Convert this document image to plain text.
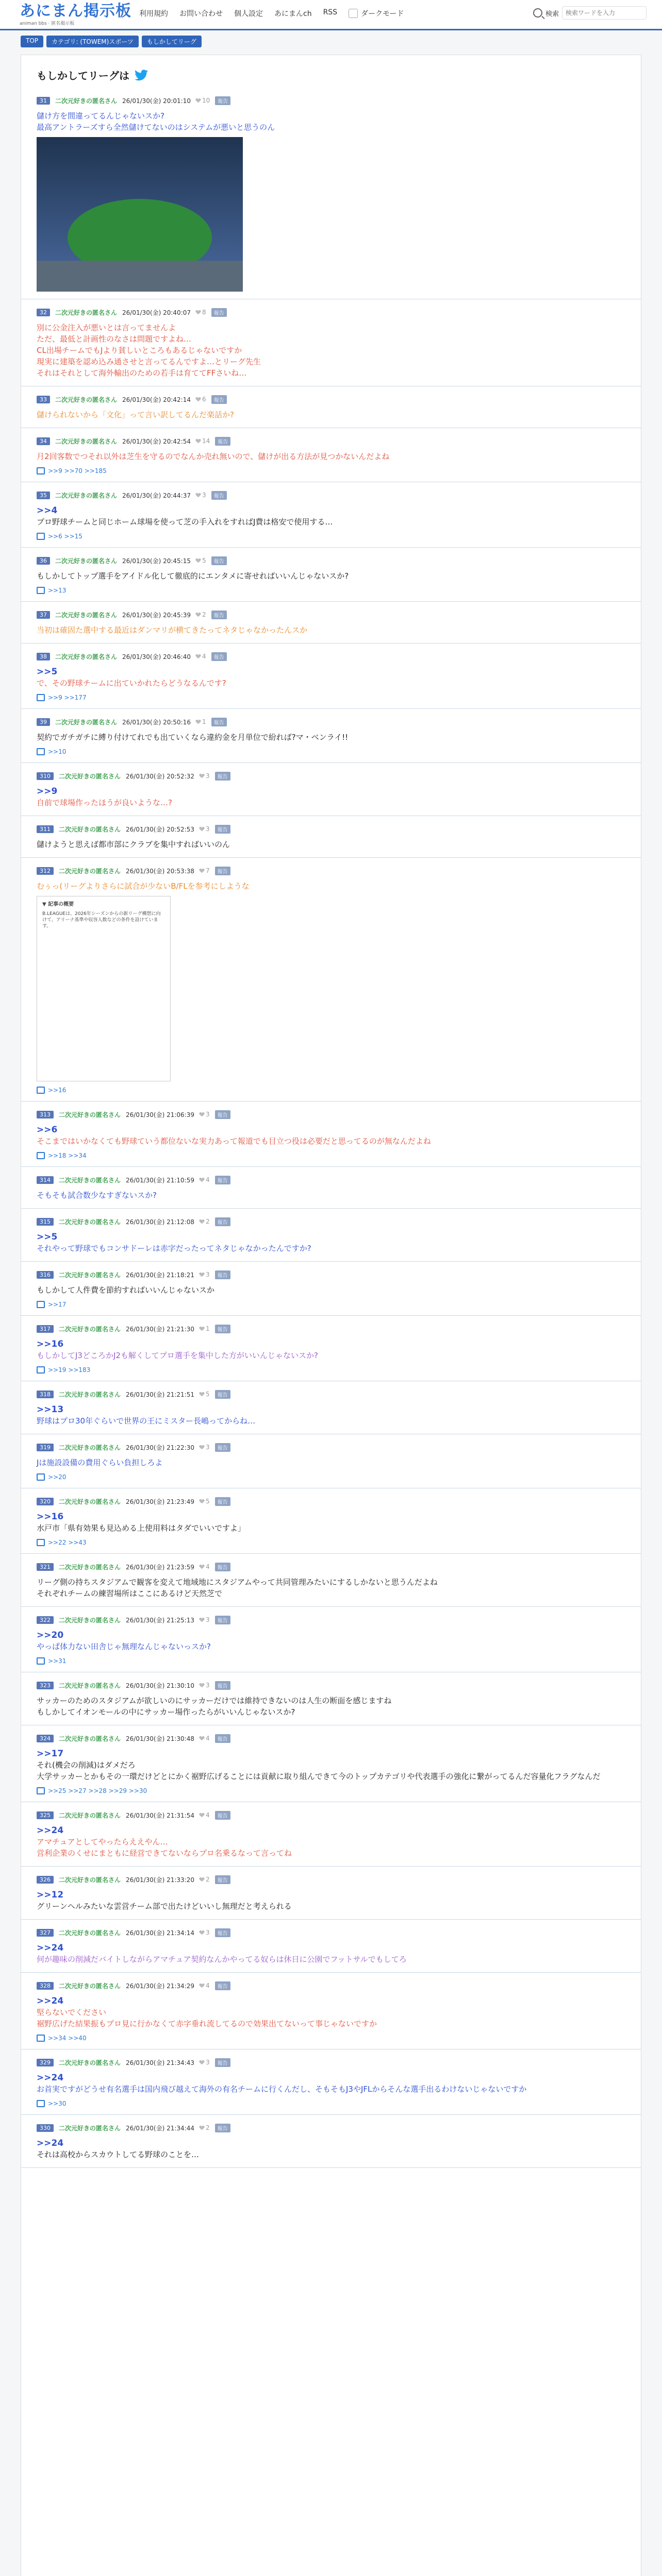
あにまん掲示板
animan bbs · 匿名掲示板
利用規約 お問い合わせ 個人設定 あにまんch RSS	ダークモード	検索
検索ワードを入力
TOP	カテゴリ: (TOWEM)スポーツ	もしかしてリーグ
もしかしてリーグは
31	二次元好きの匿名さん 26/01/30(金) 20:01:10 10	報告
儲け方を間違ってるんじゃないスか?
最高アントラーズすら全然儲けてないのはシステムが悪いと思うのん
32	二次元好きの匿名さん 26/01/30(金) 20:40:07 8	報告
別に公金注入が悪いとは言ってませんよ
ただ、最低と計画性のなさは問題ですよね…
CL出場チームでもJより貧しいところもあるじゃないですか
現実に建築を認め込み通させと言ってるんですよ…とリーグ先生
それはそれとして海外輸出のための若手は育ててFFさいね…
33	二次元好きの匿名さん 26/01/30(金) 20:42:14 6	報告
儲けられないから「文化」って言い訳してるんだ楽話か?
34	二次元好きの匿名さん 26/01/30(金) 20:42:54 14	報告
月2回客数でつそれ以外は芝生を守るのでなんか売れ無いので、儲けが出る方法が見つかないんだよね
>>9 >>70 >>185
35	二次元好きの匿名さん 26/01/30(金) 20:44:37 3	報告
>>4
プロ野球チームと同じホーム球場を使って芝の手入れをすればJ費は格安で使用する…
>>6 >>15
36	二次元好きの匿名さん 26/01/30(金) 20:45:15 5	報告
もしかしてトップ選手をアイドル化して徹底的にエンタメに寄せればいいんじゃないスか?
>>13
37	二次元好きの匿名さん 26/01/30(金) 20:45:39 2	報告
当初は確固た選中する最近はダンマリが横てきたってネタじゃなかったんスか
38	二次元好きの匿名さん 26/01/30(金) 20:46:40 4	報告
>>5
で、その野球チームに出ていかれたらどうなるんです?
>>9 >>177
39	二次元好きの匿名さん 26/01/30(金) 20:50:16 1	報告
契約でガチガチに縛り付けてれでも出ていくなら違約金を月単位で紛れば?マ・ベンライ!!
>>10
310	二次元好きの匿名さん 26/01/30(金) 20:52:32 3	報告
>>9
自前で球場作ったほうが良いような…?
311	二次元好きの匿名さん 26/01/30(金) 20:52:53 3	報告
儲けようと思えば都市部にクラブを集中すればいいのん
312	二次元好きの匿名さん 26/01/30(金) 20:53:38 7	報告
むぅっ(リーグよりさらに試合が少ないB/FLを参考にしような
▼ 記事の概要
B.LEAGUEは、2026年シーズンからの新リーグ構想に向けて、アリーナ基準や収容人数などの条件を設けています。
>>16
313	二次元好きの匿名さん 26/01/30(金) 21:06:39 3	報告
>>6
そこまではいかなくても野球ていう都位ないな実力あって報道でも目立つ役は必要だと思ってるのが無なんだよね
>>18 >>34
314	二次元好きの匿名さん 26/01/30(金) 21:10:59 4	報告
そもそも試合数少なすぎないスか?
315	二次元好きの匿名さん 26/01/30(金) 21:12:08 2	報告
>>5
それやって野球でもコンサドーレは赤字だったってネタじゃなかったんですか?
316	二次元好きの匿名さん 26/01/30(金) 21:18:21 3	報告
もしかして人件費を節約すればいいんじゃないスか
>>17
317	二次元好きの匿名さん 26/01/30(金) 21:21:30 1	報告
>>16
もしかしてJ3どころかJ2も解くしてプロ選手を集中した方がいいんじゃないスか?
>>19 >>183
318	二次元好きの匿名さん 26/01/30(金) 21:21:51 5	報告
>>13
野球はプロ30年ぐらいで世界の王にミスター長嶋ってからね…
319	二次元好きの匿名さん 26/01/30(金) 21:22:30 3	報告
Jは施設設備の費用ぐらい負担しろよ
>>20
320	二次元好きの匿名さん 26/01/30(金) 21:23:49 5	報告
>>16
水戸市「県有効果も見込める上使用料はタダでいいですよ」
>>22 >>43
321	二次元好きの匿名さん 26/01/30(金) 21:23:59 4	報告
リーグ側の持ちスタジアムで観客を変えて地域地にスタジアムやって共同管理みたいにするしかないと思うんだよね
それぞれチームの練習場所はここにあるけど天然芝で
322	二次元好きの匿名さん 26/01/30(金) 21:25:13 3	報告
>>20
やっぱ体力ない田舎じゃ無理なんじゃないっスか?
>>31
323	二次元好きの匿名さん 26/01/30(金) 21:30:10 3	報告
サッカーのためのスタジアムが欲しいのにサッカーだけでは維持できないのは人生の断面を感じますね
もしかしてイオンモールの中にサッカー場作ったらがいいんじゃないスか?
324	二次元好きの匿名さん 26/01/30(金) 21:30:48 4	報告
>>17
それ(機会の削減)はダメだろ
大学サッカーとかもその一環だけどとにかく裾野広げることには貢献に取り組んできて今のトップカテゴリや代表選手の強化に繋がってるんだ容量化フラグなんだ
>>25 >>27 >>28 >>29 >>30
325	二次元好きの匿名さん 26/01/30(金) 21:31:54 4	報告
>>24
アマチュアとしてやったらええやん…
営利企業のくせにまともに経営できてないならプロ名乗るなって言ってね
326	二次元好きの匿名さん 26/01/30(金) 21:33:20 2	報告
>>12
グリーンヘルみたいな雲営チーム部で出たけどいいし無理だと考えられる
327	二次元好きの匿名さん 26/01/30(金) 21:34:14 3	報告
>>24
何が趣味の削減だバイトしながらアマチュア契約なんかやってる奴らは休日に公園でフットサルでもしてろ
328	二次元好きの匿名さん 26/01/30(金) 21:34:29 4	報告
>>24
堅らないでください
裾野広げた結果振もプロ見に行かなくて赤字垂れ流してるので効果出てないって事じゃないですか
>>34 >>40
329	二次元好きの匿名さん 26/01/30(金) 21:34:43 3	報告
>>24
お首実ですがどうせ有名選手は国内飛び越えて海外の有名チームに行くんだし、そもそもJ3やJFLからそんな選手出るわけないじゃないですか
>>30
330	二次元好きの匿名さん 26/01/30(金) 21:34:44 2	報告
>>24
それは高校からスカウトしてる野球のことを…
